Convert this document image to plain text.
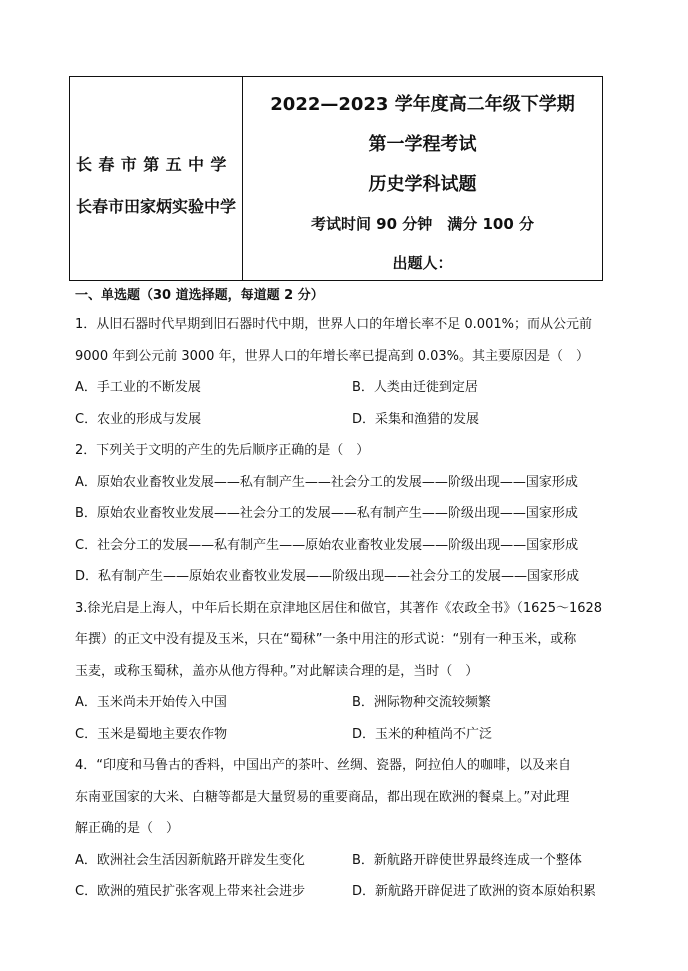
长春市第五中学
长春市田家炳实验中学
2022—2023 学年度高二年级下学期
第一学程考试
历史学科试题
考试时间 90 分钟　满分 100 分
出题人：
一、单选题（30 道选择题，每道题 2 分）
1．从旧石器时代早期到旧石器时代中期，世界人口的年增长率不足 0.001%；而从公元前
9000 年到公元前 3000 年，世界人口的年增长率已提高到 0.03%。其主要原因是（　）
A．手工业的不断发展	B．人类由迁徙到定居
C．农业的形成与发展	D．采集和渔猎的发展
2．下列关于文明的产生的先后顺序正确的是（　）
A．原始农业畜牧业发展——私有制产生——社会分工的发展——阶级出现——国家形成
B．原始农业畜牧业发展——社会分工的发展——私有制产生——阶级出现——国家形成
C．社会分工的发展——私有制产生——原始农业畜牧业发展——阶级出现——国家形成
D．私有制产生——原始农业畜牧业发展——阶级出现——社会分工的发展——国家形成
3.徐光启是上海人，中年后长期在京津地区居住和做官，其著作《农政全书》（1625～1628
年撰）的正文中没有提及玉米，只在“蜀秫”一条中用注的形式说：“别有一种玉米，或称
玉麦，或称玉蜀秫，盖亦从他方得种。”对此解读合理的是，当时（　）
A．玉米尚未开始传入中国	B．洲际物种交流较频繁
C．玉米是蜀地主要农作物	D．玉米的种植尚不广泛
4．“印度和马鲁古的香料，中国出产的茶叶、丝绸、瓷器，阿拉伯人的咖啡，以及来自
东南亚国家的大米、白糖等都是大量贸易的重要商品，都出现在欧洲的餐桌上。”对此理
解正确的是（　）
A．欧洲社会生活因新航路开辟发生变化	B．新航路开辟使世界最终连成一个整体
C．欧洲的殖民扩张客观上带来社会进步	D．新航路开辟促进了欧洲的资本原始积累
